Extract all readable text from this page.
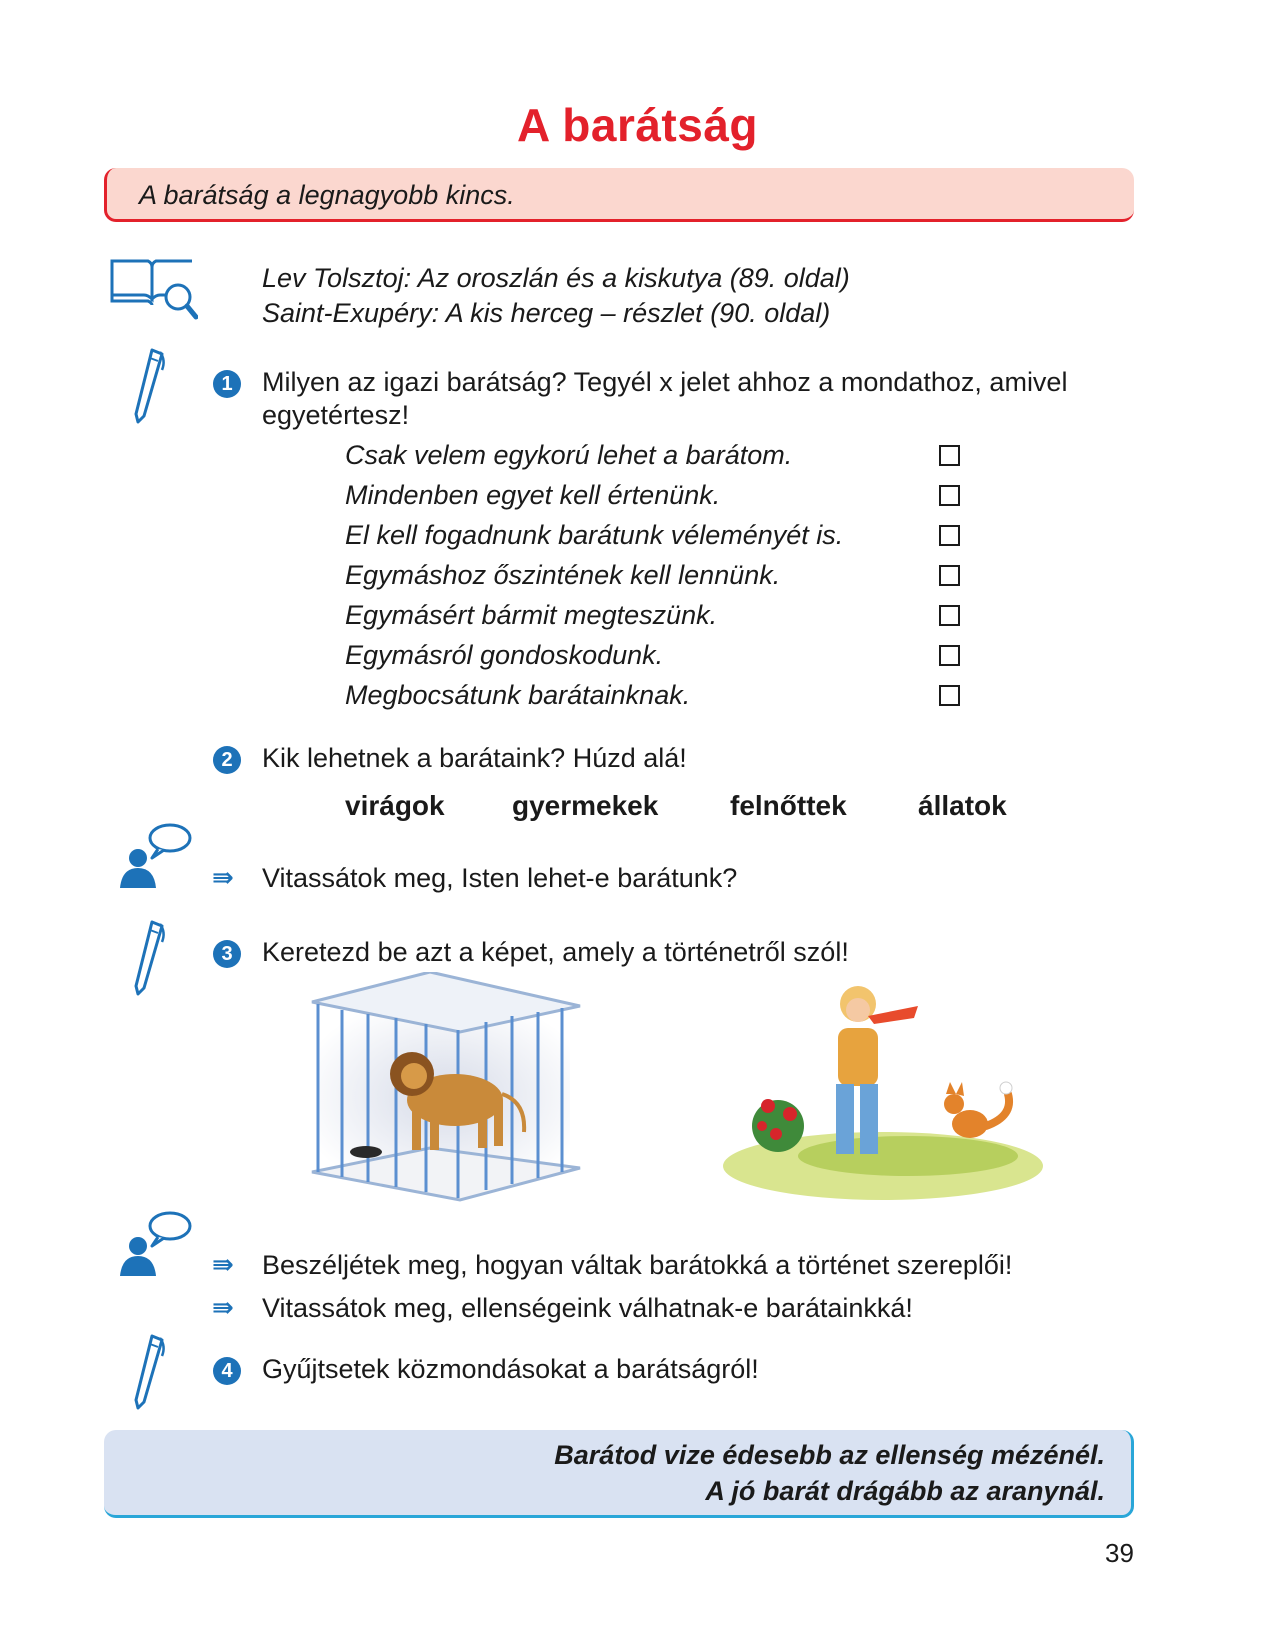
A barátság
A barátság a legnagyobb kincs.
Lev Tolsztoj: Az oroszlán és a kiskutya (89. oldal)
Saint-Exupéry: A kis herceg – részlet (90. oldal)
1	Milyen az igazi barátság? Tegyél x jelet ahhoz a mondathoz, amivel
egyetértesz!
Csak velem egykorú lehet a barátom.
Mindenben egyet kell értenünk.
El kell fogadnunk barátunk véleményét is.
Egymáshoz őszintének kell lennünk.
Egymásért bármit megteszünk.
Egymásról gondoskodunk.
Megbocsátunk barátainknak.
2	Kik lehetnek a barátaink? Húzd alá!
virágok gyermekek	felnőttek	állatok
⇛ Vitassátok meg, Isten lehet-e barátunk?
3	Keretezd be azt a képet, amely a történetről szól!
⇛ Beszéljétek meg, hogyan váltak barátokká a történet szereplői!
⇛ Vitassátok meg, ellenségeink válhatnak-e barátainkká!
4	Gyűjtsetek közmondásokat a barátságról!
Barátod vize édesebb az ellenség mézénél.
A jó barát drágább az aranynál.
39
